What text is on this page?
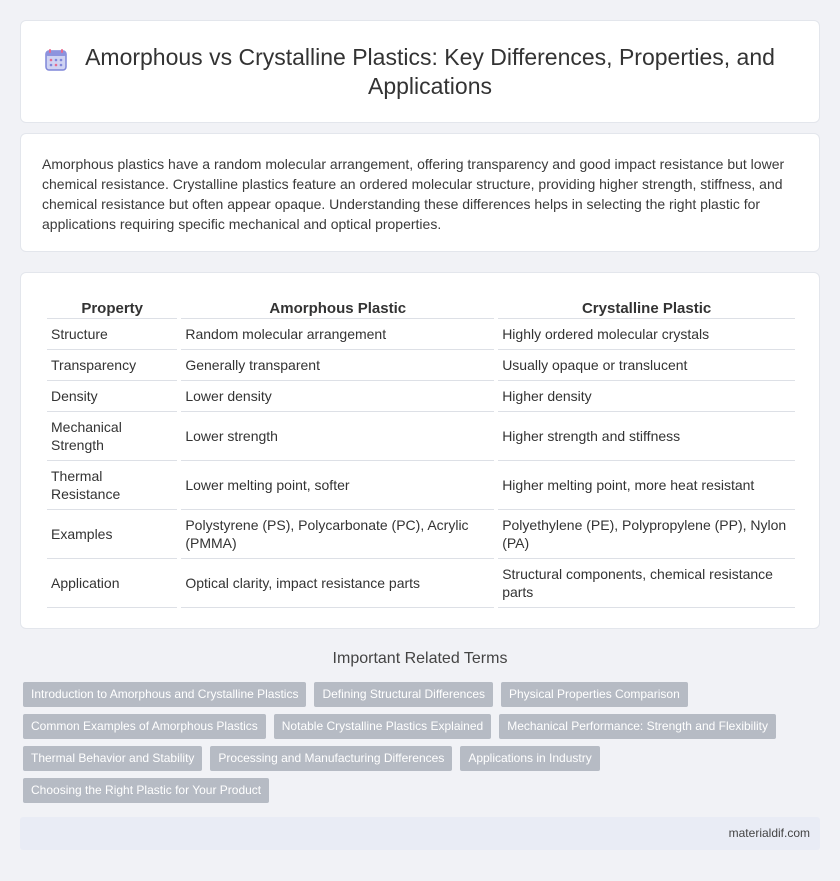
Amorphous vs Crystalline Plastics: Key Differences, Properties, and Applications

Amorphous plastics have a random molecular arrangement, offering transparency and good impact resistance but lower chemical resistance. Crystalline plastics feature an ordered molecular structure, providing higher strength, stiffness, and chemical resistance but often appear opaque. Understanding these differences helps in selecting the right plastic for applications requiring specific mechanical and optical properties.

Property	Amorphous Plastic	Crystalline Plastic
Structure	Random molecular arrangement	Highly ordered molecular crystals
Transparency	Generally transparent	Usually opaque or translucent
Density	Lower density	Higher density
Mechanical Strength	Lower strength	Higher strength and stiffness
Thermal Resistance	Lower melting point, softer	Higher melting point, more heat resistant
Examples	Polystyrene (PS), Polycarbonate (PC), Acrylic (PMMA)	Polyethylene (PE), Polypropylene (PP), Nylon (PA)
Application	Optical clarity, impact resistance parts	Structural components, chemical resistance parts
Important Related Terms
Introduction to Amorphous and Crystalline Plastics	Defining Structural Differences	Physical Properties Comparison
Common Examples of Amorphous Plastics	Notable Crystalline Plastics Explained	Mechanical Performance: Strength and Flexibility
Thermal Behavior and Stability	Processing and Manufacturing Differences	Applications in Industry
Choosing the Right Plastic for Your Product
materialdif.com
